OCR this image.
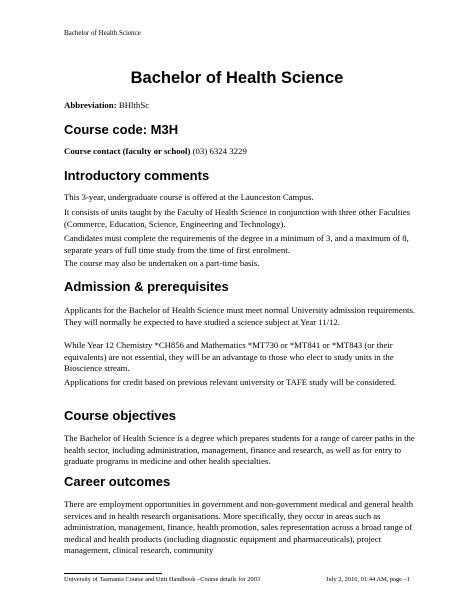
Bachelor of Health Science
Bachelor of Health Science
Abbreviation: BHlthSc
Course code: M3H
Course contact (faculty or school) (03) 6324 3229
Introductory comments

This 3-year, undergraduate course is offered at the Launceston Campus.

It consists of units taught by the Faculty of Health Science in conjunction with three other Faculties (Commerce, Education, Science, Engineering and Technology).

Candidates must complete the requirements of the degree in a minimum of 3, and a maximum of 8, separate years of full time study from the time of first enrolment.

The course may also be undertaken on a part-time basis.

Admission & prerequisites

Applicants for the Bachelor of Health Science must meet normal University admission requirements. They will normally be expected to have studied a science subject at Year 11/12.

While Year 12 Chemistry *CH856 and Mathematics *MT730 or *MT841 or *MT843 (or their equivalents) are not essential, they will be an advantage to those who elect to study units in the Bioscience stream.

Applications for credit based on previous relevant university or TAFE study will be considered.

Course objectives

The Bachelor of Health Science is a degree which prepares students for a range of career paths in the health sector, including administration, management, finance and research, as well as for entry to graduate programs in medicine and other health specialties.

Career outcomes

There are employment opportunities in government and non-government medical and general health services and in health research organisations. More specifically, they occur in areas such as administration, management, finance, health promotion, sales representation across a broad range of medical and health products (including diagnostic equipment and pharmaceuticals), project management, clinical research, community

University of Tasmania Course and Unit Handbook –Course details for 2003	July 2, 2016, 01:44 AM, page –1
